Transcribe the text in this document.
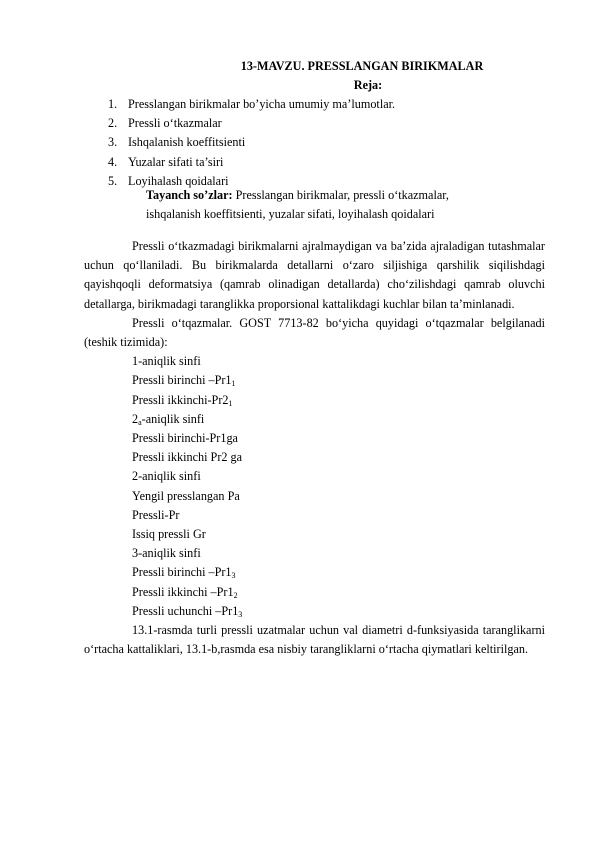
13-MAVZU. PRESSLANGAN BIRIKMALAR
Reja:
1. Presslangan birikmalar bo’yicha umumiy ma’lumotlar.
2. Pressli o‘tkazmalar
3. Ishqalanish koeffitsienti
4. Yuzalar sifati ta’siri
5. Loyihalash qoidalari
Tayanch so’zlar: Presslangan birikmalar, pressli o‘tkazmalar,
ishqalanish koeffitsienti, yuzalar sifati, loyihalash qoidalari

Pressli o‘tkazmadagi birikmalarni ajralmaydigan va ba’zida ajraladigan tutashmalar uchun qo‘llaniladi. Bu birikmalarda detallarni o‘zaro siljishiga qarshilik siqilishdagi qayishqoqli deformatsiya (qamrab olinadigan detallarda) cho‘zilishdagi qamrab oluvchi detallarga, birikmadagi taranglikka proporsional kattalikdagi kuchlar bilan ta’minlanadi.

Pressli o‘tqazmalar. GOST 7713-82 bo‘yicha quyidagi o‘tqazmalar belgilanadi (teshik tizimida):

1-aniqlik sinfi
Pressli birinchi $-Pr1_1$
Pressli ikkinchi-$Pr2_1$
$2_a$-aniqlik sinfi
Pressli birinchi-Pr1ga
Pressli ikkinchi Pr2 ga
2-aniqlik sinfi
Yengil presslangan Pa
Pressli-Pr
Issiq pressli Gr
3-aniqlik sinfi
Pressli birinchi $-Pr1_3$
Pressli ikkinchi $-Pr1_2$
Pressli uchunchi $-Pr1_3$

13.1-rasmda turli pressli uzatmalar uchun val diametri d-funksiyasida taranglikarni o‘rtacha kattaliklari, 13.1-b,rasmda esa nisbiy tarangliklarni o‘rtacha qiymatlari keltirilgan.
